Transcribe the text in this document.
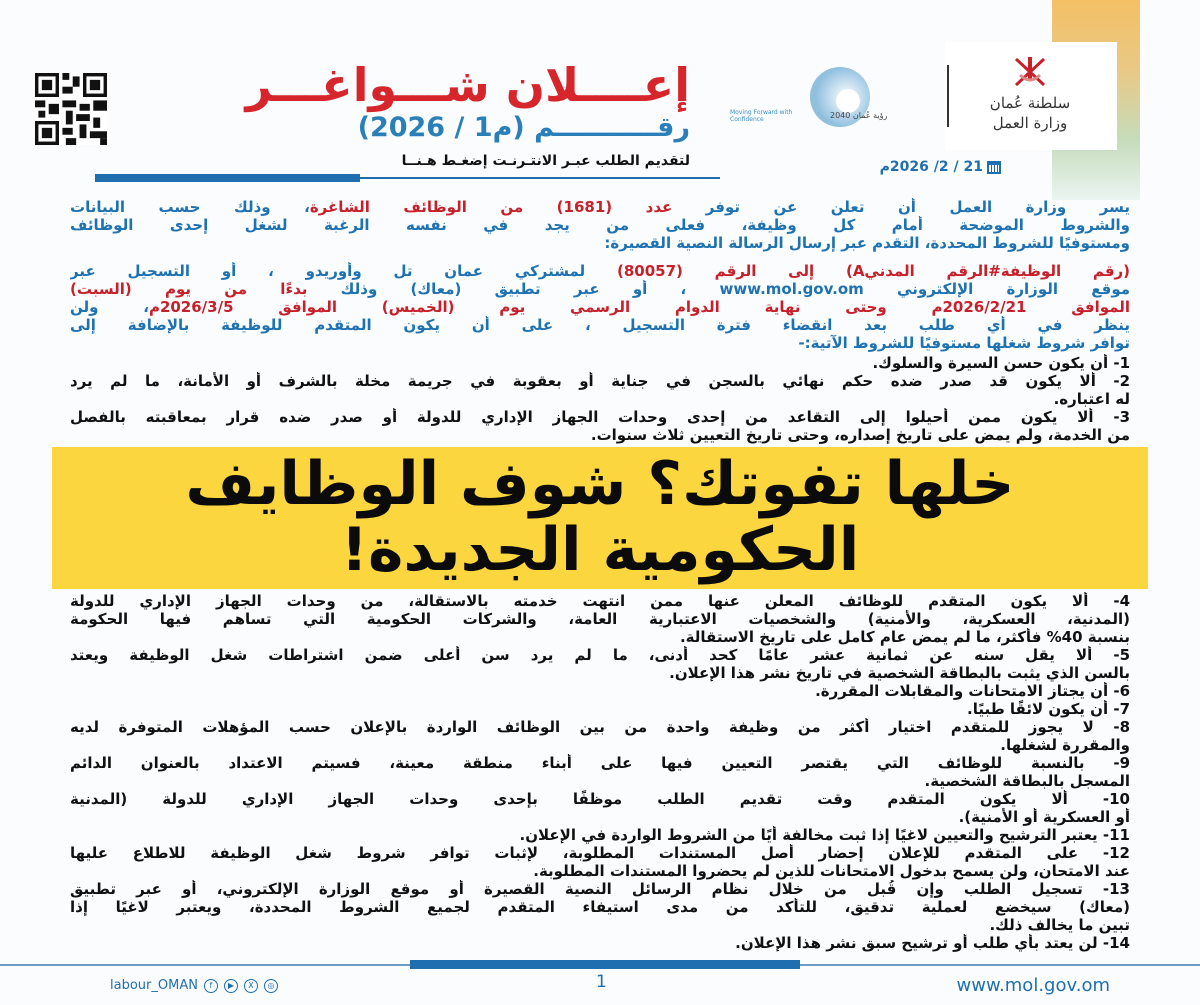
إعــــلان شـــواغـــر
رقـــــــــــم (م1 / 2026)
لتقديم الطلب عبـر الانتـرنـت إضغـط هـنــا
رؤية عُمان 2040
Moving Forward with Confidence
سلطنة عُمان
وزارة العمل
21 / 2/ 2026م
يسر وزارة العمل أن تعلن عن توفر عدد (1681) من الوظائف الشاغرة، وذلك حسب البيانات
والشروط الموضحة أمام كل وظيفة، فعلى من يجد في نفسه الرغبة لشغل إحدى الوظائف
ومستوفيًا للشروط المحددة، التقدم عبر إرسال الرسالة النصية القصيرة:
(رقم الوظيفة#الرقم المدنيA) إلى الرقم (80057) لمشتركي عمان تل وأوريدو ، أو التسجيل عبر
موقع الوزارة الإلكتروني www.mol.gov.om ، أو عبر تطبيق (معاك) وذلك بدءًا من يوم (السبت)
الموافق 2026/2/21م وحتى نهاية الدوام الرسمي يوم (الخميس) الموافق 2026/3/5م، ولن
ينظر في أي طلب بعد انقضاء فترة التسجيل ، على أن يكون المتقدم للوظيفة بالإضافة إلى
توافر شروط شغلها مستوفيًا للشروط الآتية:-
1- أن يكون حسن السيرة والسلوك.
2- ألا يكون قد صدر ضده حكم نهائي بالسجن في جناية أو بعقوبة في جريمة مخلة بالشرف أو الأمانة، ما لم يرد
له اعتباره.
3- ألا يكون ممن أحيلوا إلى التقاعد من إحدى وحدات الجهاز الإداري للدولة أو صدر ضده قرار بمعاقبته بالفصل
من الخدمة، ولم يمضِ على تاريخ إصداره، وحتى تاريخ التعيين ثلاث سنوات.
4- ألا يكون المتقدم للوظائف المعلن عنها ممن انتهت خدمته بالاستقالة، من وحدات الجهاز الإداري للدولة
(المدنية، العسكرية، والأمنية) والشخصيات الاعتبارية العامة، والشركات الحكومية التي تساهم فيها الحكومة
بنسبة 40% فأكثر، ما لم يمضِ عام كامل على تاريخ الاستقالة.
5- ألا يقل سنه عن ثمانية عشر عامًا كحد أدنى، ما لم يرد سن أعلى ضمن اشتراطات شغل الوظيفة ويعتد
بالسن الذي يثبت بالبطاقة الشخصية في تاريخ نشر هذا الإعلان.
6- أن يجتاز الامتحانات والمقابلات المقررة.
7- أن يكون لائقًا طبيًا.
8- لا يجوز للمتقدم اختيار أكثر من وظيفة واحدة من بين الوظائف الواردة بالإعلان حسب المؤهلات المتوفرة لديه
والمقررة لشغلها.
9- بالنسبة للوظائف التي يقتصر التعيين فيها على أبناء منطقة معينة، فسيتم الاعتداد بالعنوان الدائم
المسجل بالبطاقة الشخصية.
10- ألا يكون المتقدم وقت تقديم الطلب موظفًا بإحدى وحدات الجهاز الإداري للدولة (المدنية
أو العسكرية أو الأمنية).
11- يعتبر الترشيح والتعيين لاغيًا إذا ثبت مخالفة أيًا من الشروط الواردة في الإعلان.
12- على المتقدم للإعلان إحضار أصل المستندات المطلوبة، لإثبات توافر شروط شغل الوظيفة للاطلاع عليها
عند الامتحان، ولن يسمح بدخول الامتحانات للذين لم يحضروا المستندات المطلوبة.
13- تسجيل الطلب وإن قُبل من خلال نظام الرسائل النصية القصيرة أو موقع الوزارة الإلكتروني، أو عبر تطبيق
(معاك) سيخضع لعملية تدقيق، للتأكد من مدى استيفاء المتقدم لجميع الشروط المحددة، ويعتبر لاغيًا إذا
تبين ما يخالف ذلك.
14- لن يعتد بأي طلب أو ترشيح سبق نشر هذا الإعلان.
خلها تفوتك؟ شوف الوظايف
الحكومية الجديدة!
labour_OMAN	f	▶	X	◎	1	www.mol.gov.om
